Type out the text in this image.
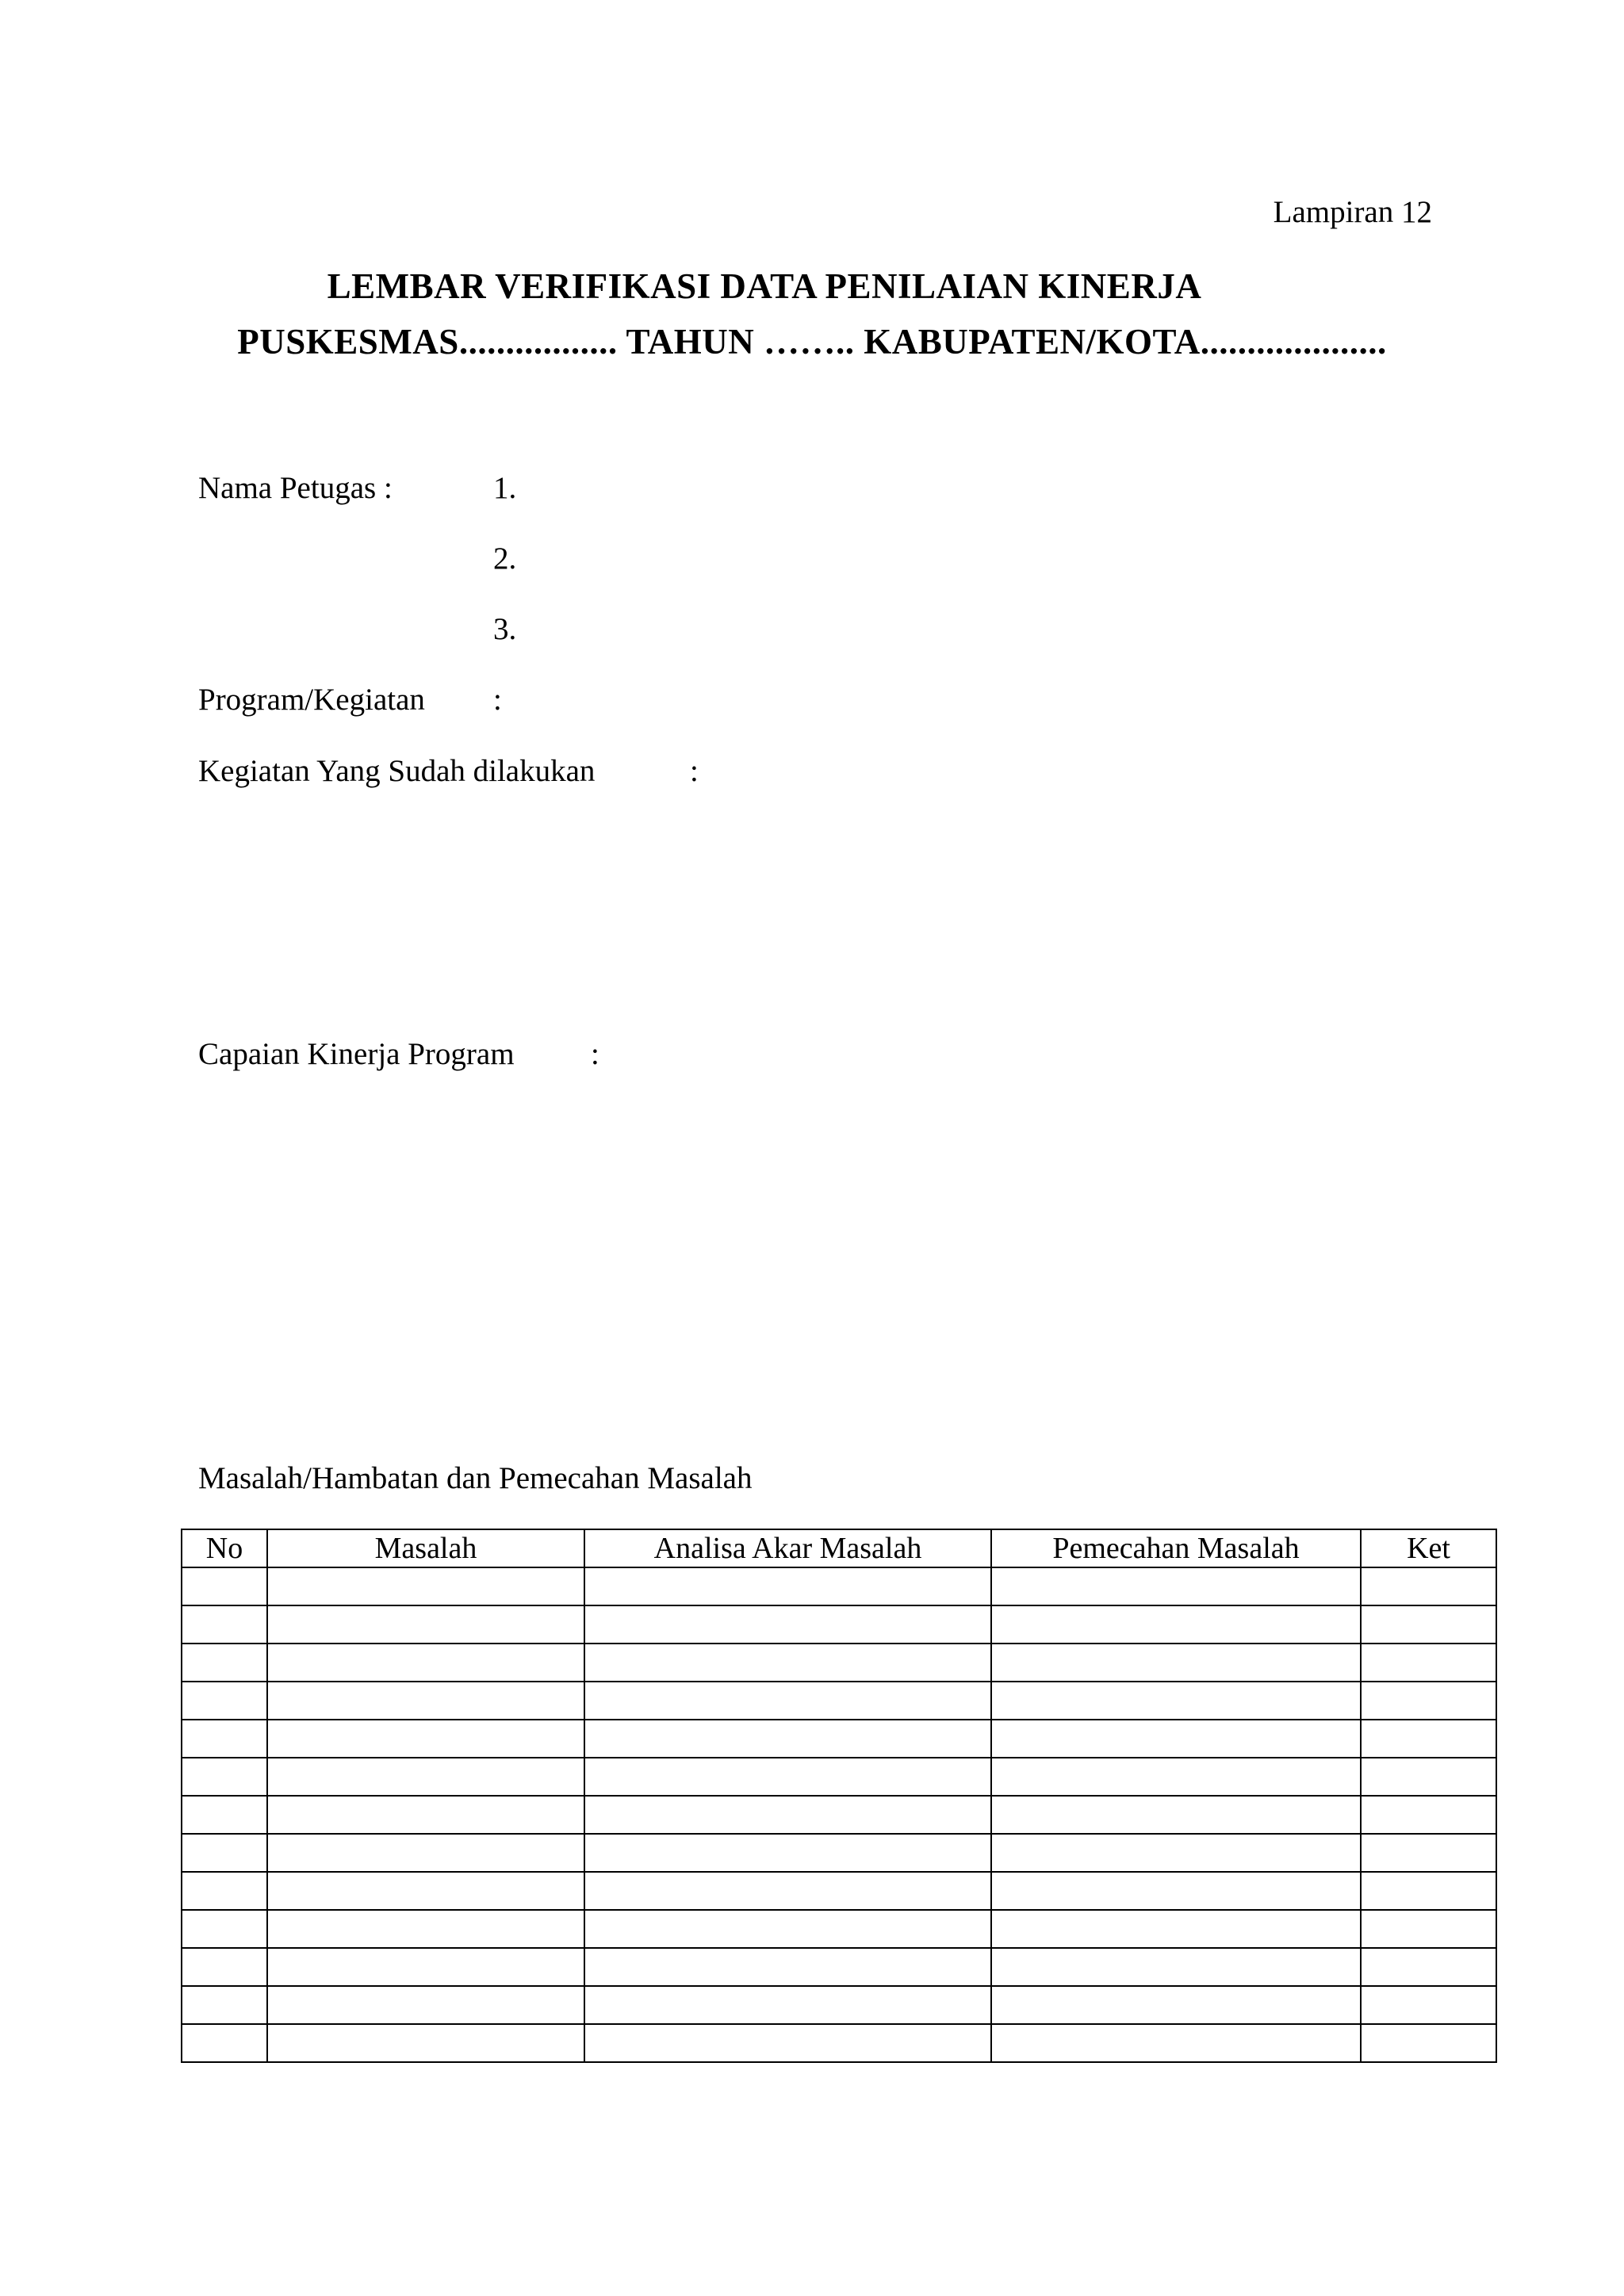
Lampiran 12
LEMBAR VERIFIKASI DATA PENILAIAN KINERJA
PUSKESMAS................. TAHUN …….. KABUPATEN/KOTA....................
Nama Petugas :	1.
2.
3.
Program/Kegiatan :
Kegiatan Yang Sudah dilakukan	:
Capaian Kinerja Program :
Masalah/Hambatan dan Pemecahan Masalah
No	Masalah	Analisa Akar Masalah	Pemecahan Masalah	Ket
